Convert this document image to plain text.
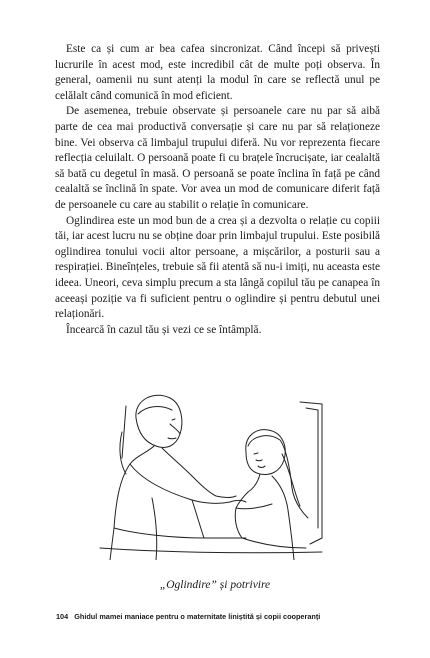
Este ca și cum ar bea cafea sincronizat. Când începi să privești lucrurile în acest mod, este incredibil cât de multe poți observa. În general, oamenii nu sunt atenți la modul în care se reflectă unul pe celălalt când comunică în mod eficient.

De asemenea, trebuie observate și persoanele care nu par să aibă parte de cea mai productivă conversație și care nu par să relaționeze bine. Vei observa că limbajul trupului diferă. Nu vor reprezenta fiecare reflecția celuilalt. O persoană poate fi cu brațele încrucișate, iar cealaltă să bată cu degetul în masă. O persoană se poate înclina în față pe când cealaltă se înclină în spate. Vor avea un mod de comunicare diferit față de persoanele cu care au stabilit o relație în comunicare.

Oglindirea este un mod bun de a crea și a dezvolta o relație cu copiii tăi, iar acest lucru nu se obține doar prin limbajul trupului. Este posibilă oglindirea tonului vocii altor persoane, a mișcărilor, a posturii sau a respirației. Bineînțeles, trebuie să fii atentă să nu-i imiți, nu aceasta este ideea. Uneori, ceva simplu precum a sta lângă copilul tău pe canapea în aceeași poziție va fi suficient pentru o oglindire și pentru debutul unei relaționări.

Încearcă în cazul tău și vezi ce se întâmplă.

„Oglindire” și potrivire
104 Ghidul mamei maniace pentru o maternitate liniștită și copii cooperanți
